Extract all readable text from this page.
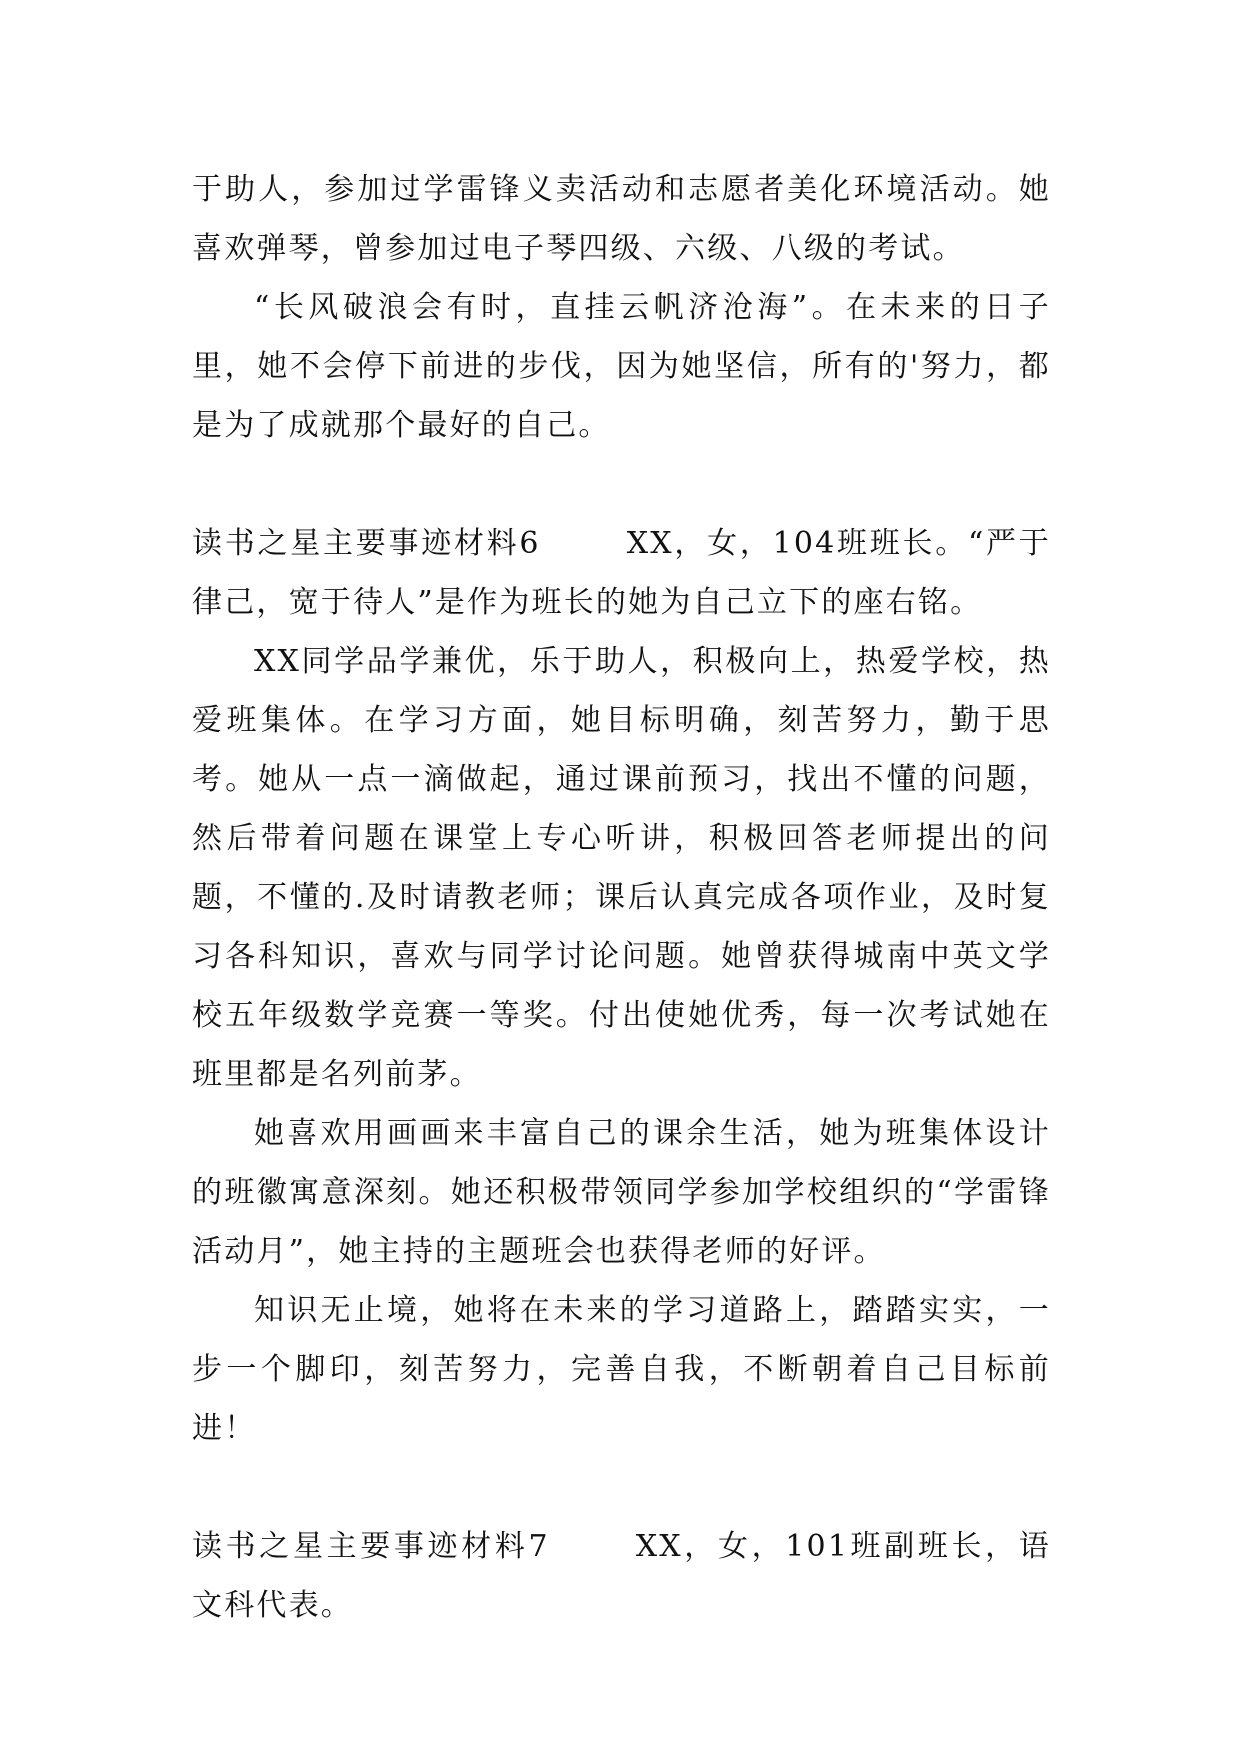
于助人，参加过学雷锋义卖活动和志愿者美化环境活动。她喜欢弹琴，曾参加过电子琴四级、六级、八级的考试。

“长风破浪会有时，直挂云帆济沧海”。在未来的日子里，她不会停下前进的步伐，因为她坚信，所有的'努力，都是为了成就那个最好的自己。

读书之星主要事迹材料6	XX，女，104班班长。“严于律己，宽于待人”是作为班长的她为自己立下的座右铭。

XX同学品学兼优，乐于助人，积极向上，热爱学校，热爱班集体。在学习方面，她目标明确，刻苦努力，勤于思考。她从一点一滴做起，通过课前预习，找出不懂的问题，然后带着问题在课堂上专心听讲，积极回答老师提出的问题，不懂的.及时请教老师；课后认真完成各项作业，及时复习各科知识，喜欢与同学讨论问题。她曾获得城南中英文学校五年级数学竞赛一等奖。付出使她优秀，每一次考试她在班里都是名列前茅。

她喜欢用画画来丰富自己的课余生活，她为班集体设计的班徽寓意深刻。她还积极带领同学参加学校组织的“学雷锋活动月”，她主持的主题班会也获得老师的好评。

知识无止境，她将在未来的学习道路上，踏踏实实，一步一个脚印，刻苦努力，完善自我，不断朝着自己目标前进！

读书之星主要事迹材料7	XX，女，101班副班长，语文科代表。
